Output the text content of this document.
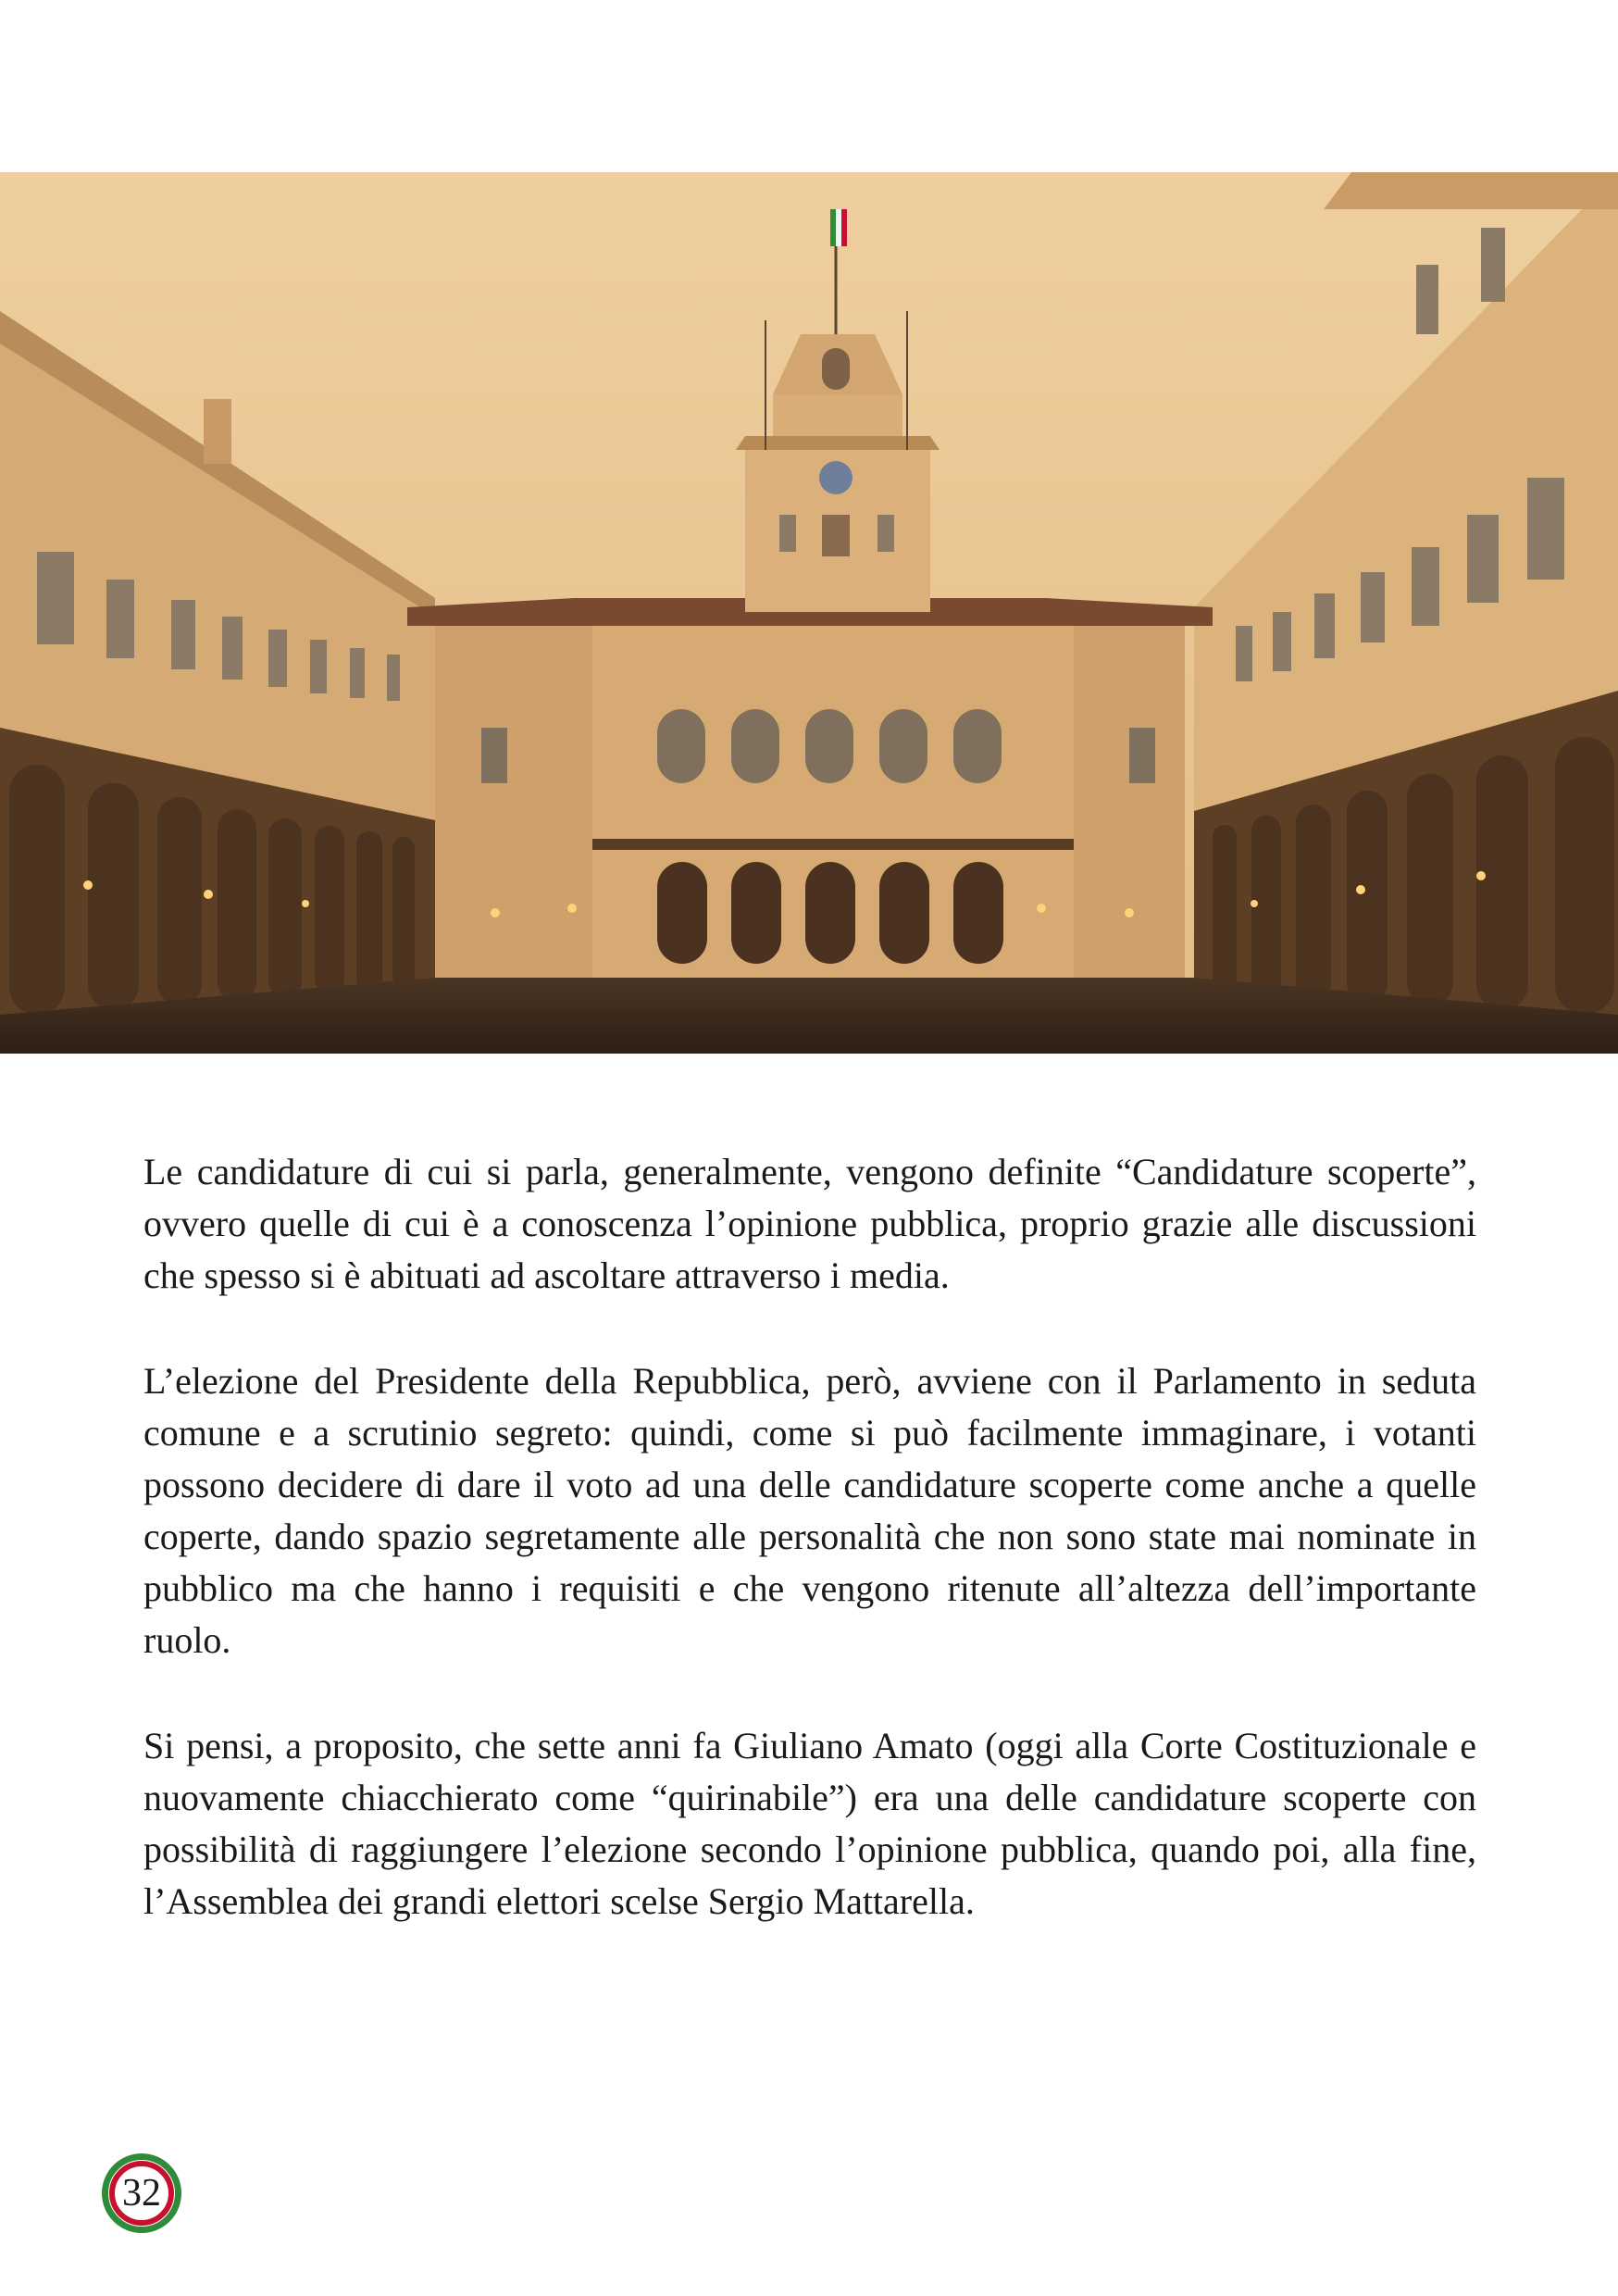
Le candidature di cui si parla, generalmente, vengono definite “Candidature scoperte”, ovvero quelle di cui è a conoscenza l’opinione pubblica, proprio grazie alle discussioni che spesso si è abituati ad ascoltare attraverso i media.

L’elezione del Presidente della Repubblica, però, avviene con il Parlamento in seduta comune e a scrutinio segreto: quindi, come si può facilmente immaginare, i votanti possono decidere di dare il voto ad una delle candidature scoperte come anche a quelle coperte, dando spazio segretamente alle personalità che non sono state mai nominate in pubblico ma che hanno i requisiti e che vengono ritenute all’altezza dell’importante ruolo.

Si pensi, a proposito, che sette anni fa Giuliano Amato (oggi alla Corte Costituzionale e nuovamente chiacchierato come “quirinabile”) era una delle candidature scoperte con possibilità di raggiungere l’elezione secondo l’opinione pubblica, quando poi, alla fine, l’Assemblea dei grandi elettori scelse Sergio Mattarella.

32
